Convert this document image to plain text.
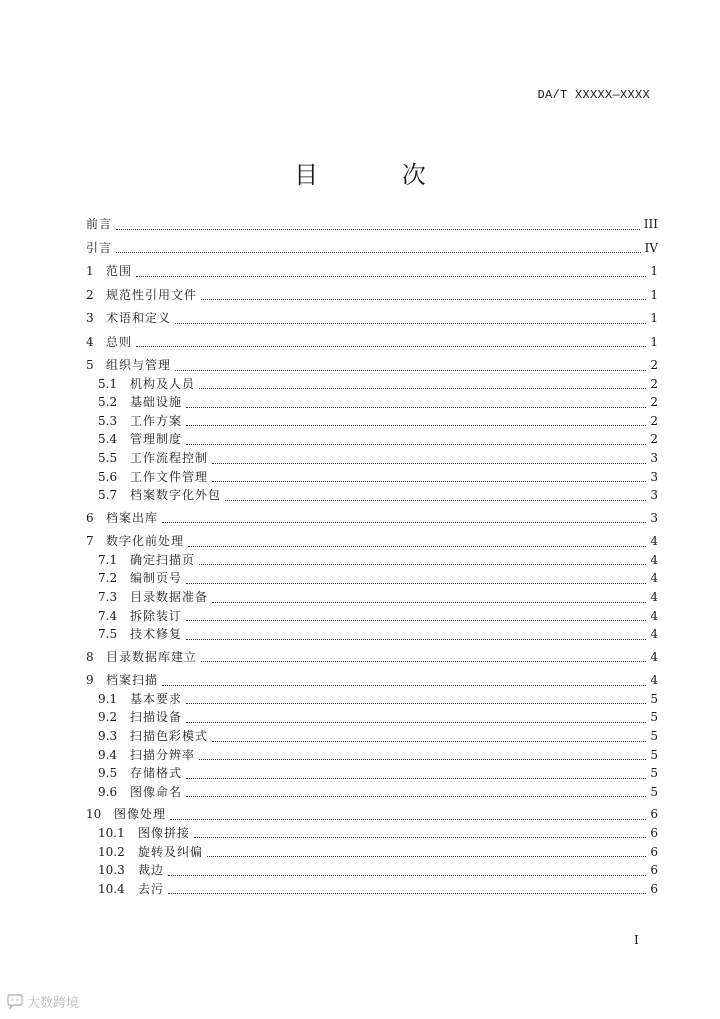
DA/T XXXXX—XXXX
目 次
前言	III
引言	IV
1	范围	1
2	规范性引用文件	1
3	术语和定义	1
4	总则	1
5	组织与管理	2
5.1	机构及人员	2
5.2	基础设施	2
5.3	工作方案	2
5.4	管理制度	2
5.5	工作流程控制	3
5.6	工作文件管理	3
5.7	档案数字化外包	3
6	档案出库	3
7	数字化前处理	4
7.1	确定扫描页	4
7.2	编制页号	4
7.3	目录数据准备	4
7.4	拆除装订	4
7.5	技术修复	4
8	目录数据库建立	4
9	档案扫描	4
9.1	基本要求	5
9.2	扫描设备	5
9.3	扫描色彩模式	5
9.4	扫描分辨率	5
9.5	存储格式	5
9.6	图像命名	5
10	图像处理	6
10.1	图像拼接	6
10.2	旋转及纠偏	6
10.3	裁边	6
10.4	去污	6
I
大数跨境
